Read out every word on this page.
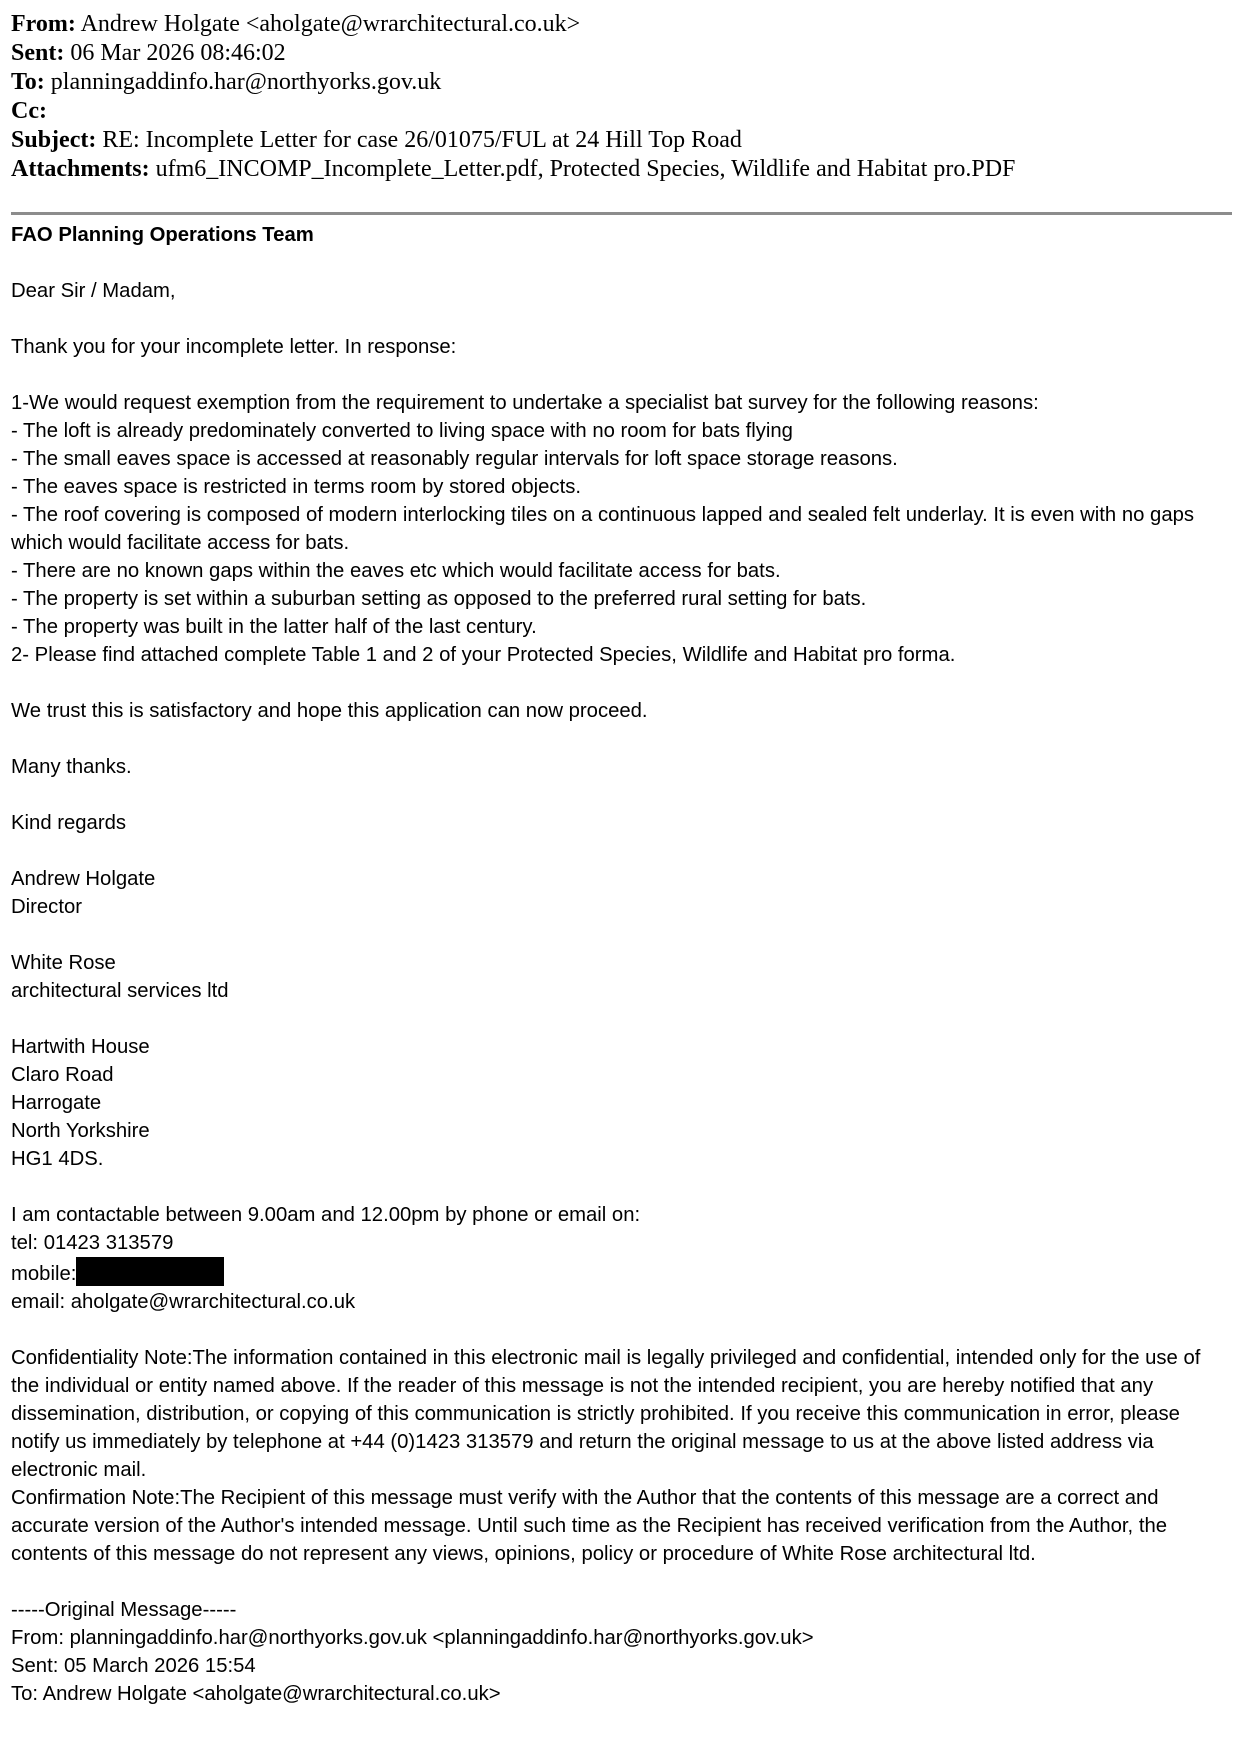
From: Andrew Holgate <aholgate@wrarchitectural.co.uk>
Sent: 06 Mar 2026 08:46:02
To: planningaddinfo.har@northyorks.gov.uk
Cc:
Subject: RE: Incomplete Letter for case 26/01075/FUL at 24 Hill Top Road
Attachments: ufm6_INCOMP_Incomplete_Letter.pdf, Protected Species, Wildlife and Habitat pro.PDF
FAO Planning Operations Team
Dear Sir / Madam,
Thank you for your incomplete letter. In response:
1-We would request exemption from the requirement to undertake a specialist bat survey for the following reasons:
- The loft is already predominately converted to living space with no room for bats flying
- The small eaves space is accessed at reasonably regular intervals for loft space storage reasons.
- The eaves space is restricted in terms room by stored objects.
- The roof covering is composed of modern interlocking tiles on a continuous lapped and sealed felt underlay. It is even with no gaps which would facilitate access for bats.
- There are no known gaps within the eaves etc which would facilitate access for bats.
- The property is set within a suburban setting as opposed to the preferred rural setting for bats.
- The property was built in the latter half of the last century.
2- Please find attached complete Table 1 and 2 of your Protected Species, Wildlife and Habitat pro forma.
We trust this is satisfactory and hope this application can now proceed.
Many thanks.
Kind regards
Andrew Holgate
Director
White Rose
architectural services ltd
Hartwith House
Claro Road
Harrogate
North Yorkshire
HG1 4DS.
I am contactable between 9.00am and 12.00pm by phone or email on:
tel: 01423 313579
mobile:
email: aholgate@wrarchitectural.co.uk
Confidentiality Note:The information contained in this electronic mail is legally privileged and confidential, intended only for the use of the individual or entity named above. If the reader of this message is not the intended recipient, you are hereby notified that any dissemination, distribution, or copying of this communication is strictly prohibited. If you receive this communication in error, please notify us immediately by telephone at +44 (0)1423 313579 and return the original message to us at the above listed address via electronic mail.
Confirmation Note:The Recipient of this message must verify with the Author that the contents of this message are a correct and accurate version of the Author's intended message. Until such time as the Recipient has received verification from the Author, the contents of this message do not represent any views, opinions, policy or procedure of White Rose architectural ltd.
-----Original Message-----
From: planningaddinfo.har@northyorks.gov.uk <planningaddinfo.har@northyorks.gov.uk>
Sent: 05 March 2026 15:54
To: Andrew Holgate <aholgate@wrarchitectural.co.uk>
